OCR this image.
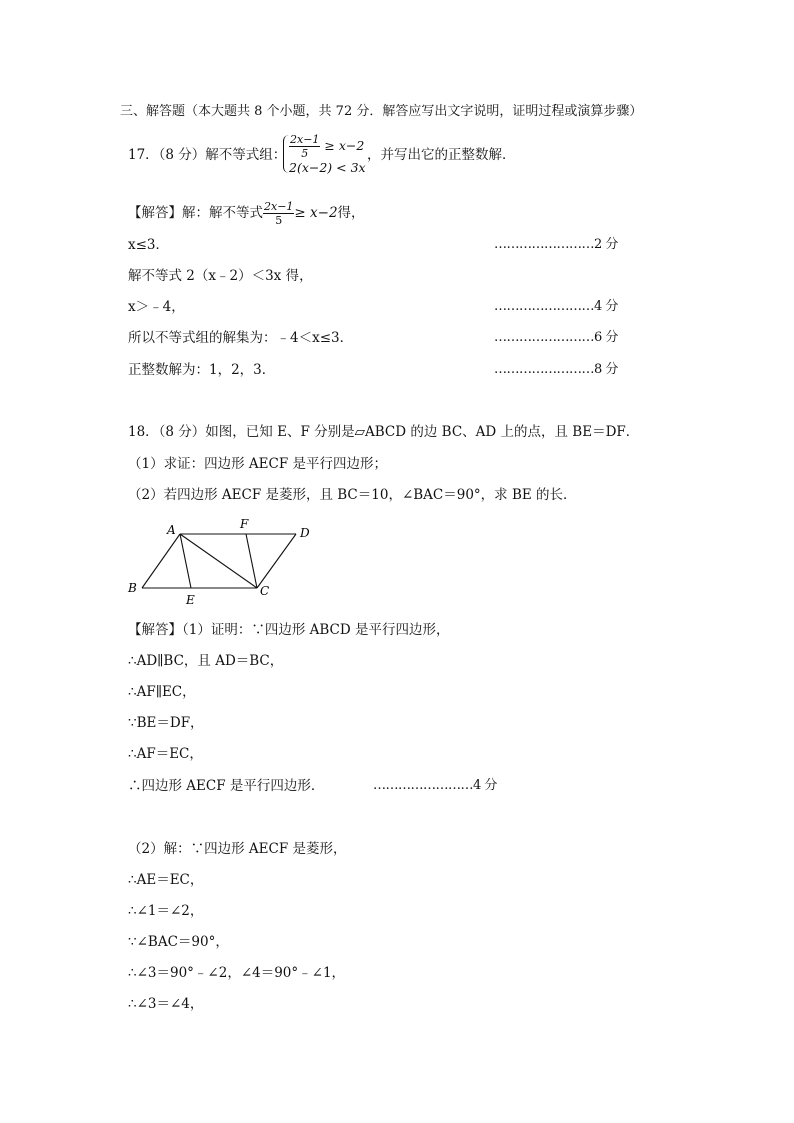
三、解答题（本大题共 8 个小题，共 72 分．解答应写出文字说明，证明过程或演算步骤）
17．（8 分）解不等式组： $\frac{2x-1}{5} \ge x-2$
2(x−2) < 3x
，并写出它的正整数解．
【解答】解：解不等式 $\frac{2x-1}{5} \ge x-2$得，
x≤3．	……………………2 分
解不等式 2（x﹣2）＜3x 得，
x＞﹣4，	……………………4 分
所以不等式组的解集为：﹣4＜x≤3．	……………………6 分
正整数解为：1，2，3．	……………………8 分
18．（8 分）如图，已知 E、F 分别是▱ABCD 的边 BC、AD 上的点，且 BE＝DF．
（1）求证：四边形 AECF 是平行四边形；
（2）若四边形 AECF 是菱形，且 BC＝10，∠BAC＝90°，求 BE 的长．
A	F
D
B
E
C
【解答】（1）证明：∵四边形 ABCD 是平行四边形，
∴AD∥BC，且 AD＝BC，
∴AF∥EC，
∵BE＝DF，
∴AF＝EC，
∴四边形 AECF 是平行四边形．	……………………4 分
（2）解：∵四边形 AECF 是菱形，
∴AE＝EC，
∴∠1＝∠2，
∵∠BAC＝90°，
∴∠3＝90°﹣∠2，∠4＝90°﹣∠1，
∴∠3＝∠4，
